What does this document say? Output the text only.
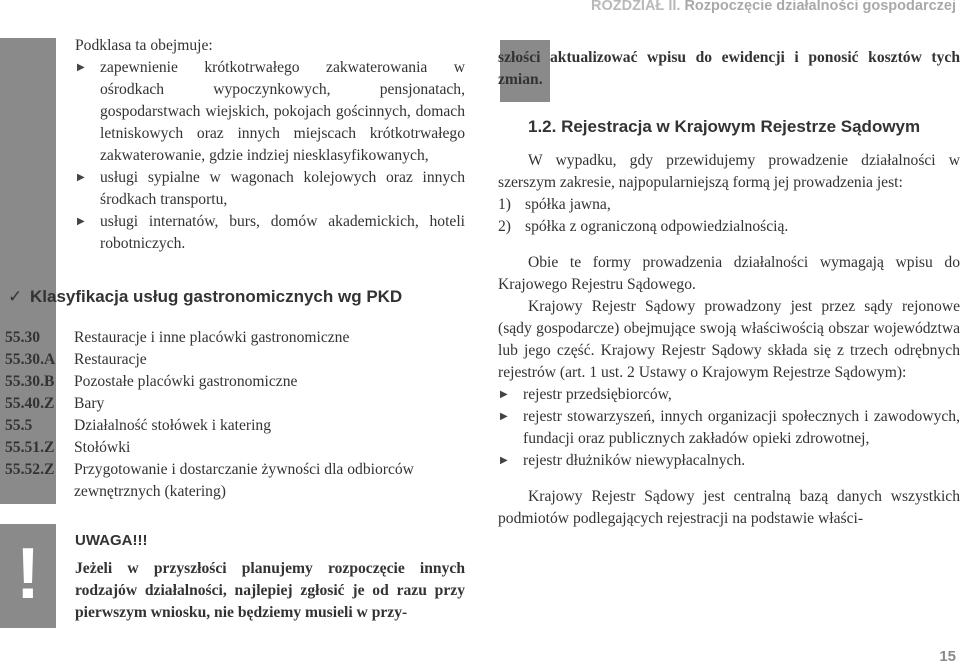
ROZDZIAŁ II. Rozpoczęcie działalności gospodarczej
!
Podklasa ta obejmuje:
▶ zapewnienie krótkotrwałego zakwaterowania w ośrodkach wypoczynkowych, pensjonatach, gospodarstwach wiejskich, pokojach gościnnych, domach letniskowych oraz innych miejscach krótkotrwałego zakwaterowanie, gdzie indziej niesklasyfikowanych,
▶ usługi sypialne w wagonach kolejowych oraz innych środkach transportu,
▶ usługi internatów, burs, domów akademickich, hoteli robotniczych.
✓ Klasyfikacja usług gastronomicznych wg PKD
55.30	Restauracje i inne placówki gastronomiczne
55.30.A	Restauracje
55.30.B	Pozostałe placówki gastronomiczne
55.40.Z	Bary
55.5	Działalność stołówek i katering
55.51.Z	Stołówki
55.52.Z	Przygotowanie i dostarczanie żywności dla odbiorców zewnętrznych (katering)
UWAGA!!!
Jeżeli w przyszłości planujemy rozpoczęcie innych rodzajów działalności, najlepiej zgłosić je od razu przy pierwszym wniosku, nie będziemy musieli w przy-
szłości aktualizować wpisu do ewidencji i ponosić kosztów tych zmian.
1.2. Rejestracja w Krajowym Rejestrze Sądowym
W wypadku, gdy przewidujemy prowadzenie działalności w szerszym zakresie, najpopularniejszą formą jej prowadzenia jest:
1) spółka jawna,
2) spółka z ograniczoną odpowiedzialnością.
Obie te formy prowadzenia działalności wymagają wpisu do Krajowego Rejestru Sądowego.
Krajowy Rejestr Sądowy prowadzony jest przez sądy rejonowe (sądy gospodarcze) obejmujące swoją właściwością obszar województwa lub jego część. Krajowy Rejestr Sądowy składa się z trzech odrębnych rejestrów (art. 1 ust. 2 Ustawy o Krajowym Rejestrze Sądowym):
▶ rejestr przedsiębiorców,
▶ rejestr stowarzyszeń, innych organizacji społecznych i zawodowych, fundacji oraz publicznych zakładów opieki zdrowotnej,
▶ rejestr dłużników niewypłacalnych.
Krajowy Rejestr Sądowy jest centralną bazą danych wszystkich podmiotów podlegających rejestracji na podstawie właści-
15
